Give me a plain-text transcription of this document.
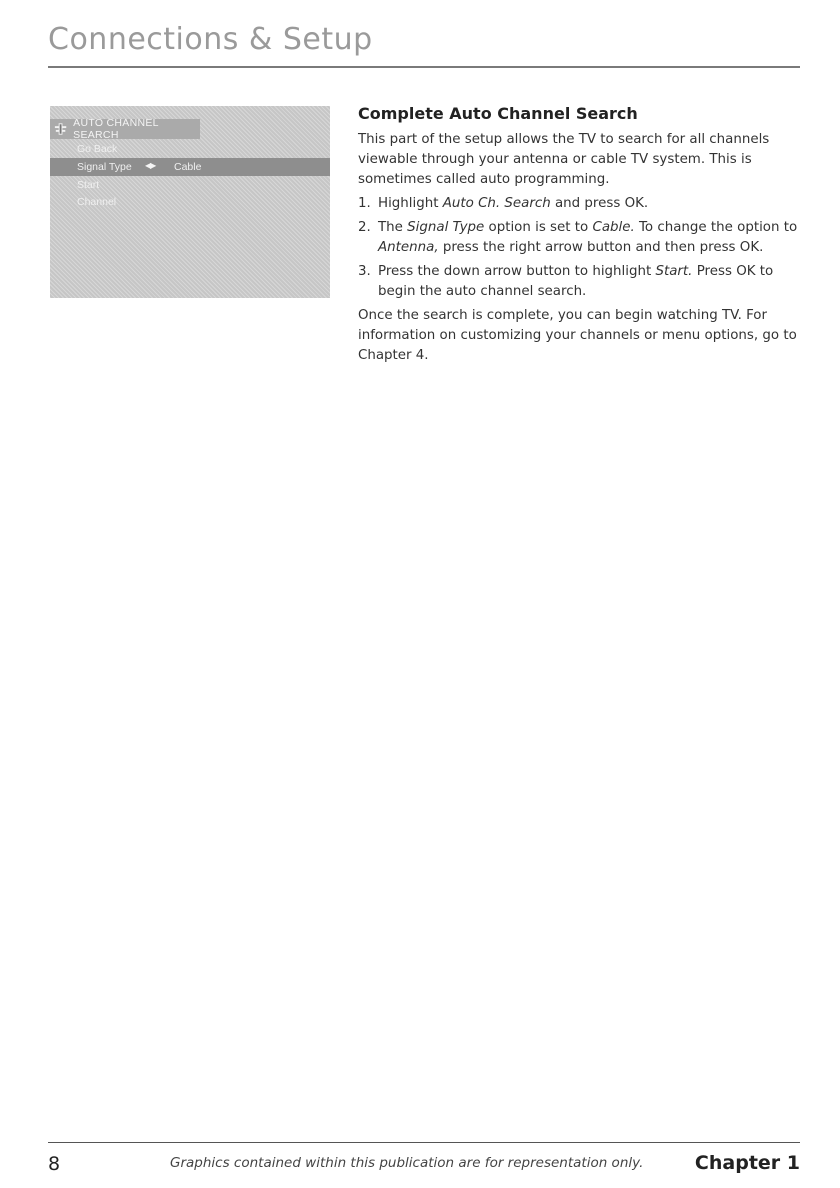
Connections & Setup
AUTO CHANNEL SEARCH
Go Back
Signal Type ◀▶ Cable
Start
Channel
Complete Auto Channel Search

This part of the setup allows the TV to search for all channels viewable through your antenna or cable TV system. This is sometimes called auto programming.

1. Highlight Auto Ch. Search and press OK.
2. The Signal Type option is set to Cable. To change the option to Antenna, press the right arrow button and then press OK.
3. Press the down arrow button to highlight Start. Press OK to begin the auto channel search.

Once the search is complete, you can begin watching TV. For information on customizing your channels or menu options, go to Chapter 4.

8	Graphics contained within this publication are for representation only.	Chapter 1
